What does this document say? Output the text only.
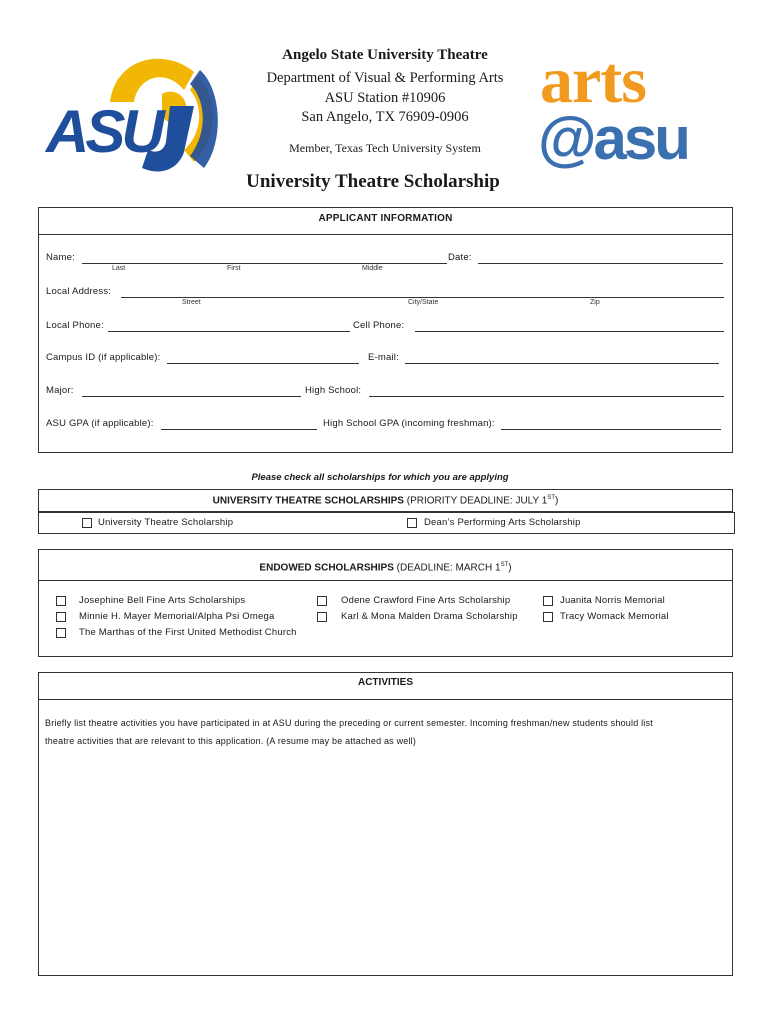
ASU
arts
@asu
Angelo State University Theatre
Department of Visual & Performing Arts
ASU Station #10906
San Angelo, TX 76909-0906
Member, Texas Tech University System
University Theatre Scholarship
APPLICANT INFORMATION
Name:	Date:
Last	First	Middle
Local Address:
Street	City/State	Zip
Local Phone:	Cell Phone:
Campus ID (if applicable):	E-mail:
Major:	High School:
ASU GPA (if applicable):	High School GPA (incoming freshman):
Please check all scholarships for which you are applying
UNIVERSITY THEATRE SCHOLARSHIPS (PRIORITY DEADLINE: JULY 1ST)
University Theatre Scholarship	Dean’s Performing Arts Scholarship
ENDOWED SCHOLARSHIPS (DEADLINE: MARCH 1ST)
Josephine Bell Fine Arts Scholarships
Minnie H. Mayer Memorial/Alpha Psi Omega
The Marthas of the First United Methodist Church
Odene Crawford Fine Arts Scholarship
Karl & Mona Malden Drama Scholarship
Juanita Norris Memorial
Tracy Womack Memorial
ACTIVITIES
Briefly list theatre activities you have participated in at ASU during the preceding or current semester. Incoming freshman/new students should list
theatre activities that are relevant to this application. (A resume may be attached as well)
